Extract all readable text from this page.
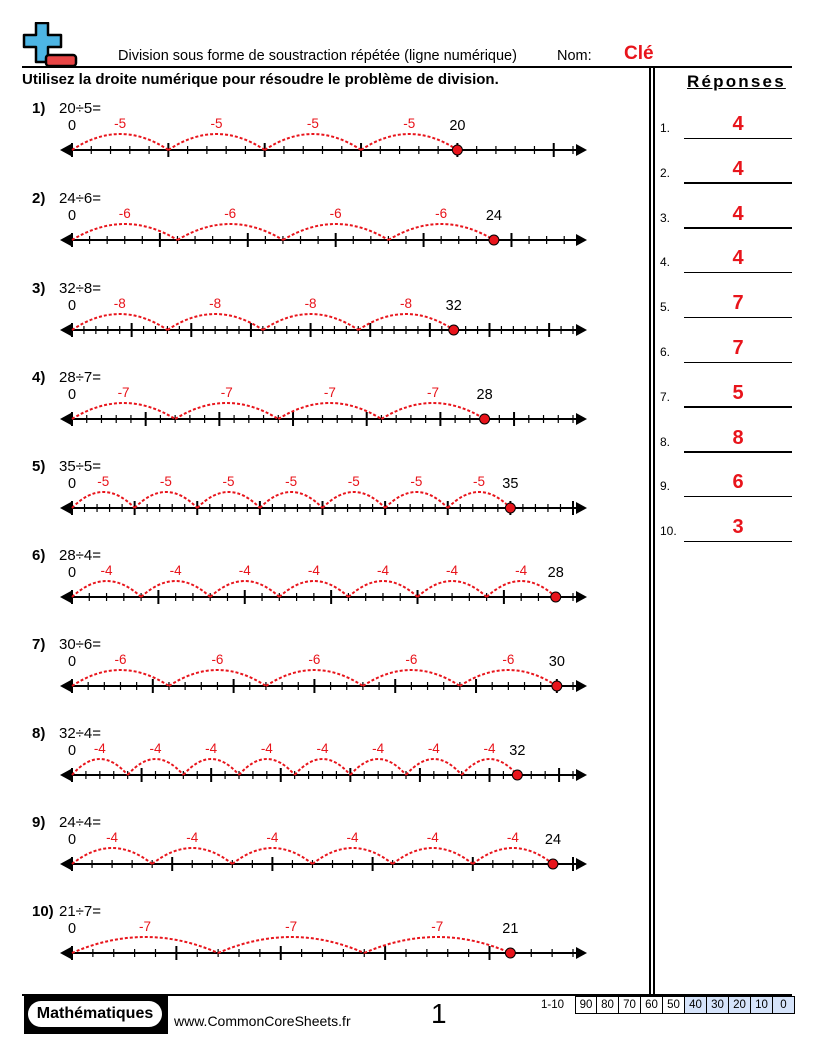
Division sous forme de soustraction répétée (ligne numérique)	Nom: Clé
Utilisez la droite numérique pour résoudre le problème de division.	Réponses
1.	4
2.	4
3.	4
4.	4
5.	7
6.	7
7.	5
8.	8
9.	6
10.	3
1) 20÷5=
-5	-5	-5	-5
0	20
2) 24÷6=
-6	-6	-6	-6
0	24
3) 32÷8=
-8	-8	-8	-8
0	32
4) 28÷7=
-7	-7	-7	-7
0	28
5) 35÷5=
-5	-5	-5	-5	-5	-5	-5
0	35
6) 28÷4=
-4	-4	-4	-4	-4	-4	-4
0	28
7) 30÷6=
-6	-6	-6	-6	-6
0	30
8) 32÷4=
-4	-4	-4	-4	-4	-4	-4	-4
0	32
9) 24÷4=
-4	-4	-4	-4	-4	-4
0	24
10) 21÷7=
-7	-7	-7
0	21
Mathématiques	www.CommonCoreSheets.fr	1	1-10	90 80 70 60 50 40 30 20 10	0
